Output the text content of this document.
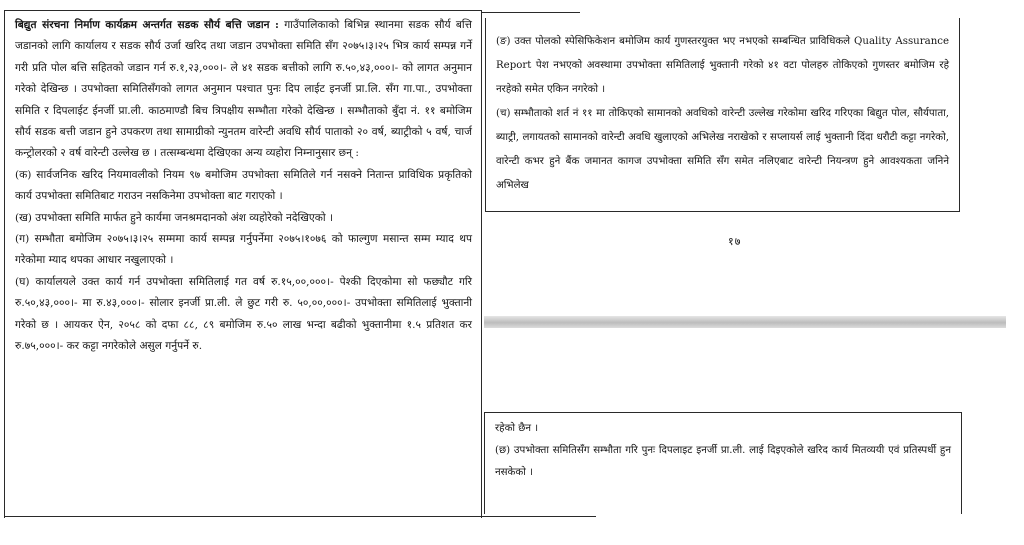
बिद्युत संरचना निर्माण कार्यक्रम अन्तर्गत सडक सौर्य बत्ति जडान : गाउँपालिकाको बिभिन्न स्थानमा सडक सौर्य बत्ति जडानको लागि कार्यालय र सडक सौर्य उर्जा खरिद तथा जडान उपभोक्ता समिति सँग २०७५।३।२५ भित्र कार्य सम्पन्न गर्ने गरी प्रति पोल बत्ति सहितको जडान गर्न रु.१,२३,०००।- ले ४१ सडक बत्तीको लागि रु.५०,४३,०००।- को लागत अनुमान गरेको देखिन्छ । उपभोक्ता समितिसँगको लागत अनुमान पश्चात पुनः दिप लाईट इनर्जी प्रा.लि. सँग गा.पा., उपभोक्ता समिति र दिपलाईट ईनर्जी प्रा.ली. काठमाण्डौ बिच त्रिपक्षीय सम्भौता गरेको देखिन्छ । सम्भौताको बुँदा नं. ११ बमोजिम सौर्य सडक बत्ती जडान हुने उपकरण तथा सामाग्रीको न्युनतम वारेन्टी अवधि सौर्य पाताको २० वर्ष, ब्याट्रीको ५ वर्ष, चार्ज कन्ट्रोलरको २ वर्ष वारेन्टी उल्लेख छ । तत्सम्बन्धमा देखिएका अन्य व्यहोरा निम्नानुसार छन् :

(क) सार्वजनिक खरिद नियमावलीको नियम ९७ बमोजिम उपभोक्ता समितिले गर्न नसक्ने नितान्त प्राविधिक प्रकृतिको कार्य उपभोक्ता समितिबाट गराउन नसकिनेमा उपभोक्ता बाट गराएको ।

(ख) उपभोक्ता समिति मार्फत हुने कार्यमा जनश्रमदानको अंश व्यहोरेको नदेखिएको ।

(ग) सम्भौता बमोजिम २०७५।३।२५ सम्ममा कार्य सम्पन्न गर्नुपर्नेमा २०७५।१०७६ को फाल्गुण मसान्त सम्म म्याद थप गरेकोमा म्याद थपका आधार नखुलाएको ।

(घ) कार्यालयले उक्त कार्य गर्न उपभोक्ता समितिलाई गत वर्ष रु.१५,००,०००।- पेश्की दिएकोमा सो फछ्यौट गरि रु.५०,४३,०००।- मा रु.४३,०००।- सोलार इनर्जी प्रा.ली. ले छुट गरी रु. ५०,००,०००।- उपभोक्ता समितिलाई भुक्तानी गरेको छ । आयकर ऐन, २०५८ को दफा ८८, ८९ बमोजिम रु.५० लाख भन्दा बढीको भुक्तानीमा १.५ प्रतिशत कर रु.७५,०००।- कर कट्टा नगरेकोले असुल गर्नुपर्ने रु.

(ङ) उक्त पोलको स्पेसिफिकेशन बमोजिम कार्य गुणस्तरयुक्त भए नभएको सम्बन्धित प्राविधिकले Quality Assurance Report पेश नभएको अवस्थामा उपभोक्ता समितिलाई भुक्तानी गरेको ४१ वटा पोलहरु तोकिएको गुणस्तर बमोजिम रहे नरहेको समेत एकिन नगरेको ।

(च) सम्भौताको शर्त नं ११ मा तोकिएको सामानको अवधिको वारेन्टी उल्लेख गरेकोमा खरिद गरिएका बिद्युत पोल, सौर्यपाता, ब्याट्री, लगायतको सामानको वारेन्टी अवधि खुलाएको अभिलेख नराखेको र सप्लायर्स लाई भुक्तानी दिंदा धरौटी कट्टा नगरेको, वारेन्टी कभर हुने बैंक जमानत कागज उपभोक्ता समिति सँग समेत नलिएबाट वारेन्टी नियन्त्रण हुने आवश्यकता जनिने अभिलेख

१७

रहेको छैन ।

(छ) उपभोक्ता समितिसँग सम्भौता गरि पुनः दिपलाइट इनर्जी प्रा.ली. लाई दिइएकोले खरिद कार्य मितव्ययी एवं प्रतिस्पर्धी हुन नसकेको ।
